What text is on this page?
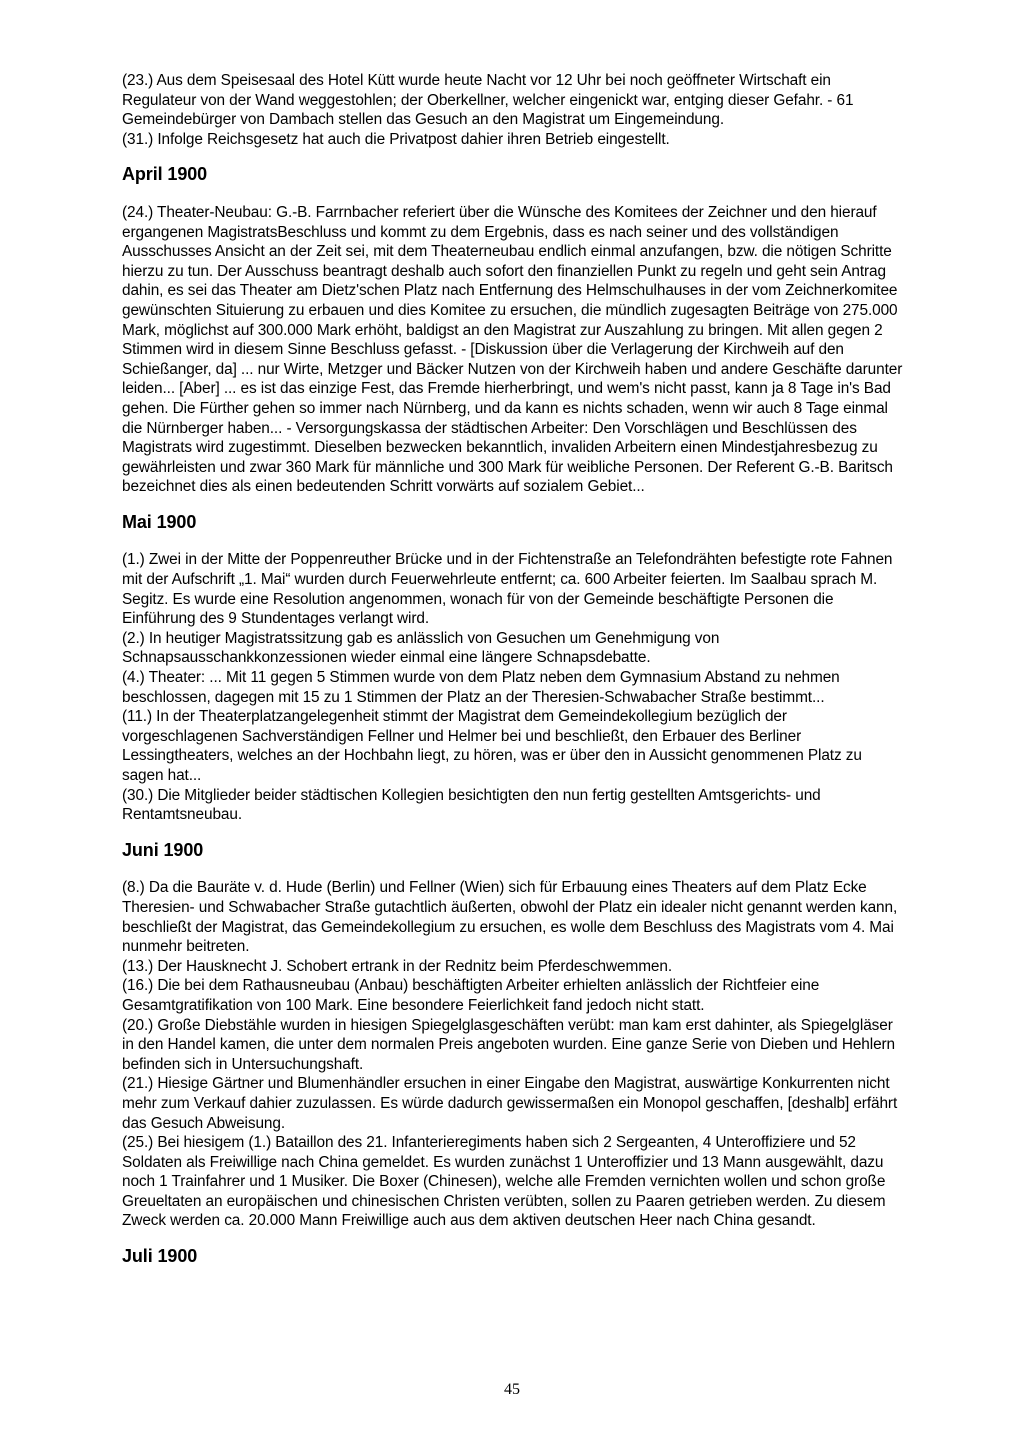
(23.) Aus dem Speisesaal des Hotel Kütt wurde heute Nacht vor 12 Uhr bei noch geöffneter Wirtschaft ein Regulateur von der Wand weggestohlen; der Oberkellner, welcher eingenickt war, entging dieser Gefahr. - 61 Gemeindebürger von Dambach stellen das Gesuch an den Magistrat um Eingemeindung.

(31.) Infolge Reichsgesetz hat auch die Privatpost dahier ihren Betrieb eingestellt.

April 1900

(24.) Theater-Neubau: G.-B. Farrnbacher referiert über die Wünsche des Komitees der Zeichner und den hierauf ergangenen MagistratsBeschluss und kommt zu dem Ergebnis, dass es nach seiner und des vollständigen Ausschusses Ansicht an der Zeit sei, mit dem Theaterneubau endlich einmal anzufangen, bzw. die nötigen Schritte hierzu zu tun. Der Ausschuss beantragt deshalb auch sofort den finanziellen Punkt zu regeln und geht sein Antrag dahin, es sei das Theater am Dietz'schen Platz nach Entfernung des Helmschulhauses in der vom Zeichnerkomitee gewünschten Situierung zu erbauen und dies Komitee zu ersuchen, die mündlich zugesagten Beiträge von 275.000 Mark, möglichst auf 300.000 Mark erhöht, baldigst an den Magistrat zur Auszahlung zu bringen. Mit allen gegen 2 Stimmen wird in diesem Sinne Beschluss gefasst. - [Diskussion über die Verlagerung der Kirchweih auf den Schießanger, da] ... nur Wirte, Metzger und Bäcker Nutzen von der Kirchweih haben und andere Geschäfte darunter leiden... [Aber] ... es ist das einzige Fest, das Fremde hierherbringt, und wem's nicht passt, kann ja 8 Tage in's Bad gehen. Die Fürther gehen so immer nach Nürnberg, und da kann es nichts schaden, wenn wir auch 8 Tage einmal die Nürnberger haben... - Versorgungskassa der städtischen Arbeiter: Den Vorschlägen und Beschlüssen des Magistrats wird zugestimmt. Dieselben bezwecken bekanntlich, invaliden Arbeitern einen Mindestjahresbezug zu gewährleisten und zwar 360 Mark für männliche und 300 Mark für weibliche Personen. Der Referent G.-B. Baritsch bezeichnet dies als einen bedeutenden Schritt vorwärts auf sozialem Gebiet...

Mai 1900

(1.) Zwei in der Mitte der Poppenreuther Brücke und in der Fichtenstraße an Telefondrähten befestigte rote Fahnen mit der Aufschrift „1. Mai“ wurden durch Feuerwehrleute entfernt; ca. 600 Arbeiter feierten. Im Saalbau sprach M. Segitz. Es wurde eine Resolution angenommen, wonach für von der Gemeinde beschäftigte Personen die Einführung des 9 Stundentages verlangt wird.

(2.) In heutiger Magistratssitzung gab es anlässlich von Gesuchen um Genehmigung von Schnapsausschankkonzessionen wieder einmal eine längere Schnapsdebatte.

(4.) Theater: ... Mit 11 gegen 5 Stimmen wurde von dem Platz neben dem Gymnasium Abstand zu nehmen beschlossen, dagegen mit 15 zu 1 Stimmen der Platz an der Theresien-Schwabacher Straße bestimmt...

(11.) In der Theaterplatzangelegenheit stimmt der Magistrat dem Gemeindekollegium bezüglich der vorgeschlagenen Sachverständigen Fellner und Helmer bei und beschließt, den Erbauer des Berliner Lessingtheaters, welches an der Hochbahn liegt, zu hören, was er über den in Aussicht genommenen Platz zu sagen hat...

(30.) Die Mitglieder beider städtischen Kollegien besichtigten den nun fertig gestellten Amtsgerichts- und Rentamtsneubau.

Juni 1900

(8.) Da die Bauräte v. d. Hude (Berlin) und Fellner (Wien) sich für Erbauung eines Theaters auf dem Platz Ecke Theresien- und Schwabacher Straße gutachtlich äußerten, obwohl der Platz ein idealer nicht genannt werden kann, beschließt der Magistrat, das Gemeindekollegium zu ersuchen, es wolle dem Beschluss des Magistrats vom 4. Mai nunmehr beitreten.

(13.) Der Hausknecht J. Schobert ertrank in der Rednitz beim Pferdeschwemmen.

(16.) Die bei dem Rathausneubau (Anbau) beschäftigten Arbeiter erhielten anlässlich der Richtfeier eine Gesamtgratifikation von 100 Mark. Eine besondere Feierlichkeit fand jedoch nicht statt.

(20.) Große Diebstähle wurden in hiesigen Spiegelglasgeschäften verübt: man kam erst dahinter, als Spiegelgläser in den Handel kamen, die unter dem normalen Preis angeboten wurden. Eine ganze Serie von Dieben und Hehlern befinden sich in Untersuchungshaft.

(21.) Hiesige Gärtner und Blumenhändler ersuchen in einer Eingabe den Magistrat, auswärtige Konkurrenten nicht mehr zum Verkauf dahier zuzulassen. Es würde dadurch gewissermaßen ein Monopol geschaffen, [deshalb] erfährt das Gesuch Abweisung.

(25.) Bei hiesigem (1.) Bataillon des 21. Infanterieregiments haben sich 2 Sergeanten, 4 Unteroffiziere und 52 Soldaten als Freiwillige nach China gemeldet. Es wurden zunächst 1 Unteroffizier und 13 Mann ausgewählt, dazu noch 1 Trainfahrer und 1 Musiker. Die Boxer (Chinesen), welche alle Fremden vernichten wollen und schon große Greueltaten an europäischen und chinesischen Christen verübten, sollen zu Paaren getrieben werden. Zu diesem Zweck werden ca. 20.000 Mann Freiwillige auch aus dem aktiven deutschen Heer nach China gesandt.

Juli 1900
45
